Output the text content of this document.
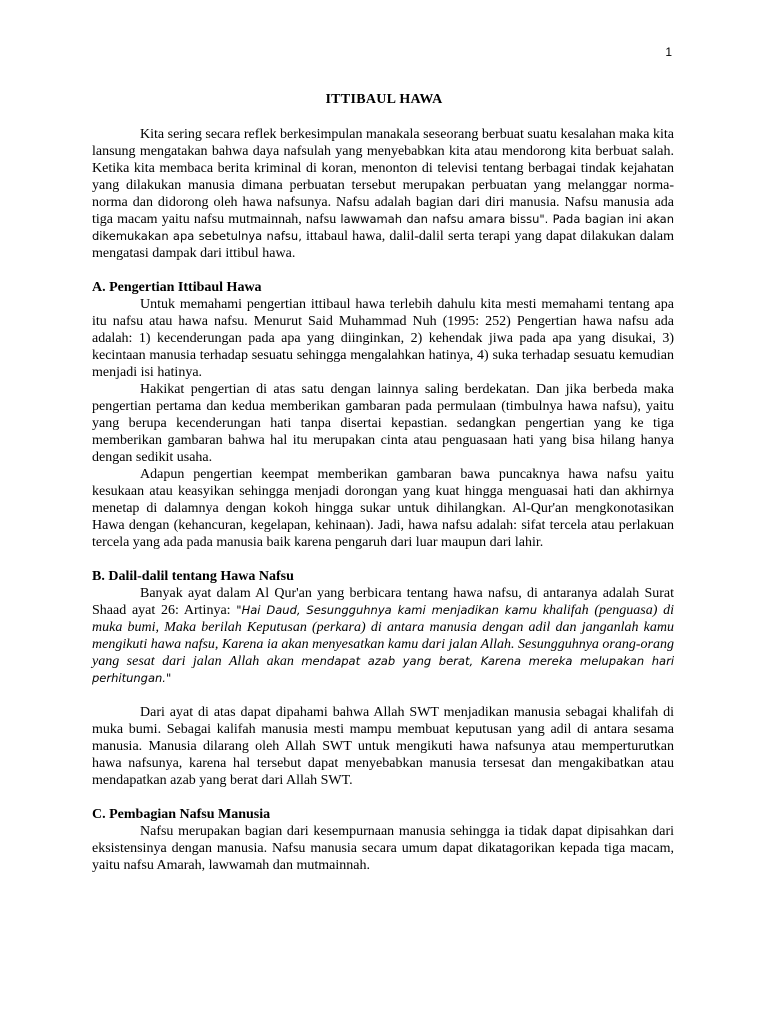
1
ITTIBAUL HAWA

Kita sering secara reflek berkesimpulan manakala seseorang berbuat suatu kesalahan maka kita lansung mengatakan bahwa daya nafsulah yang menyebabkan kita atau mendorong kita berbuat salah. Ketika kita membaca berita kriminal di koran, menonton di televisi tentang berbagai tindak kejahatan yang dilakukan manusia dimana perbuatan tersebut merupakan perbuatan yang melanggar norma-norma dan didorong oleh hawa nafsunya. Nafsu adalah bagian dari diri manusia. Nafsu manusia ada tiga macam yaitu nafsu mutmainnah, nafsu lawwamah dan nafsu amara bissu". Pada bagian ini akan dikemukakan apa sebetulnya nafsu, ittabaul hawa, dalil-dalil serta terapi yang dapat dilakukan dalam mengatasi dampak dari ittibul hawa.

A. Pengertian Ittibaul Hawa

Untuk memahami pengertian ittibaul hawa terlebih dahulu kita mesti memahami tentang apa itu nafsu atau hawa nafsu. Menurut Said Muhammad Nuh (1995: 252) Pengertian hawa nafsu ada adalah: 1) kecenderungan pada apa yang diinginkan, 2) kehendak jiwa pada apa yang disukai, 3) kecintaan manusia terhadap sesuatu sehingga mengalahkan hatinya, 4) suka terhadap sesuatu kemudian menjadi isi hatinya.

Hakikat pengertian di atas satu dengan lainnya saling berdekatan. Dan jika berbeda maka pengertian pertama dan kedua memberikan gambaran pada permulaan (timbulnya hawa nafsu), yaitu yang berupa kecenderungan hati tanpa disertai kepastian. sedangkan pengertian yang ke tiga memberikan gambaran bahwa hal itu merupakan cinta atau penguasaan hati yang bisa hilang hanya dengan sedikit usaha.

Adapun pengertian keempat memberikan gambaran bawa puncaknya hawa nafsu yaitu kesukaan atau keasyikan sehingga menjadi dorongan yang kuat hingga menguasai hati dan akhirnya menetap di dalamnya dengan kokoh hingga sukar untuk dihilangkan. Al-Qur'an mengkonotasikan Hawa dengan (kehancuran, kegelapan, kehinaan). Jadi, hawa nafsu adalah: sifat tercela atau perlakuan tercela yang ada pada manusia baik karena pengaruh dari luar maupun dari lahir.

B. Dalil-dalil tentang Hawa Nafsu

Banyak ayat dalam Al Qur'an yang berbicara tentang hawa nafsu, di antaranya adalah Surat Shaad ayat 26: Artinya: "Hai Daud, Sesungguhnya kami menjadikan kamu khalifah (penguasa) di muka bumi, Maka berilah Keputusan (perkara) di antara manusia dengan adil dan janganlah kamu mengikuti hawa nafsu, Karena ia akan menyesatkan kamu dari jalan Allah. Sesungguhnya orang-orang yang sesat dari jalan Allah akan mendapat azab yang berat, Karena mereka melupakan hari perhitungan."

Dari ayat di atas dapat dipahami bahwa Allah SWT menjadikan manusia sebagai khalifah di muka bumi. Sebagai kalifah manusia mesti mampu membuat keputusan yang adil di antara sesama manusia. Manusia dilarang oleh Allah SWT untuk mengikuti hawa nafsunya atau memperturutkan hawa nafsunya, karena hal tersebut dapat menyebabkan manusia tersesat dan mengakibatkan atau mendapatkan azab yang berat dari Allah SWT.

C. Pembagian Nafsu Manusia

Nafsu merupakan bagian dari kesempurnaan manusia sehingga ia tidak dapat dipisahkan dari eksistensinya dengan manusia. Nafsu manusia secara umum dapat dikatagorikan kepada tiga macam, yaitu nafsu Amarah, lawwamah dan mutmainnah.
